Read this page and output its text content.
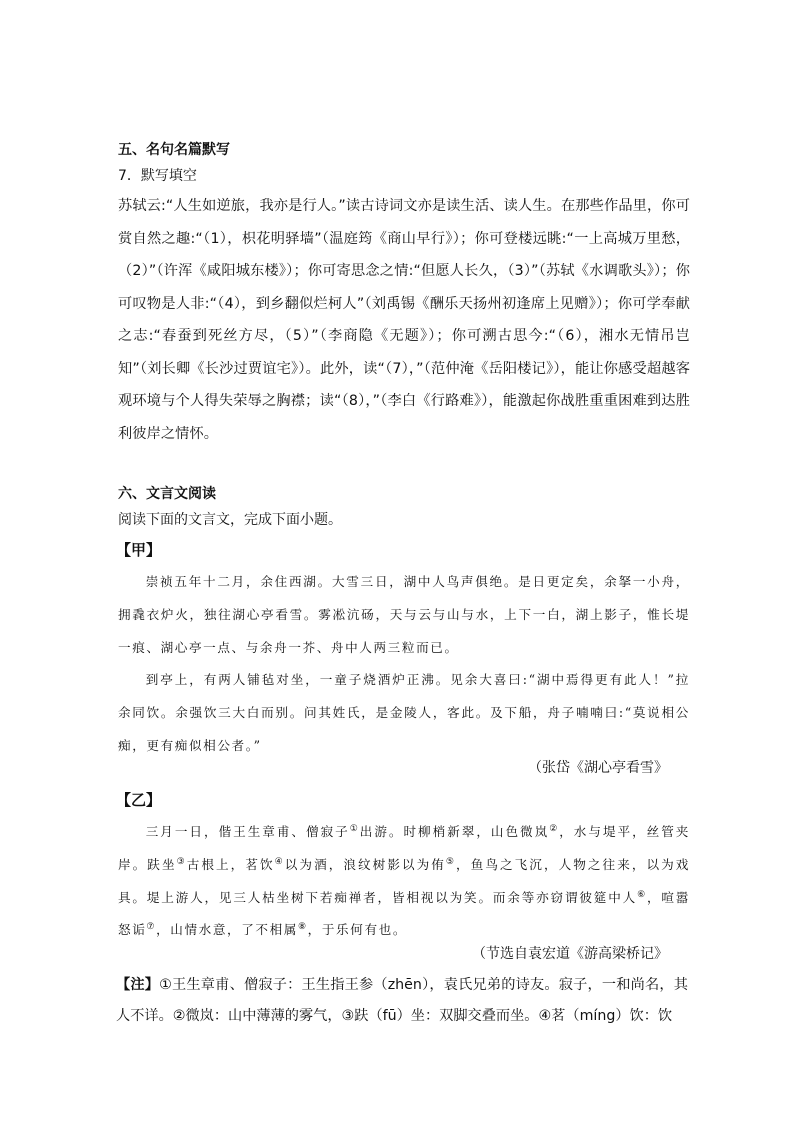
五、名句名篇默写
7．默写填空
苏轼云:“人生如逆旅，我亦是行人。”读古诗词文亦是读生活、读人生。在那些作品里，你可赏自然之趣:“（1），枳花明驿墙”（温庭筠《商山早行》）；你可登楼远眺:“一上高城万里愁，（2）”（许浑《咸阳城东楼》）；你可寄思念之情:“但愿人长久，（3）”（苏轼《水调歌头》）；你可叹物是人非:“（4），到乡翻似烂柯人”（刘禹锡《酬乐天扬州初逢席上见赠》）；你可学奉献之志:“春蚕到死丝方尽，（5）”（李商隐《无题》）；你可溯古思今:“（6），湘水无情吊岂知”（刘长卿《长沙过贾谊宅》）。此外，读“（7），”（范仲淹《岳阳楼记》），能让你感受超越客观环境与个人得失荣辱之胸襟；读“（8），”（李白《行路难》），能激起你战胜重重困难到达胜利彼岸之情怀。
六、文言文阅读
阅读下面的文言文，完成下面小题。
【甲】

崇祯五年十二月，余住西湖。大雪三日，湖中人鸟声俱绝。是日更定矣，余拏一小舟，拥毳衣炉火，独往湖心亭看雪。雾凇沆砀，天与云与山与水，上下一白，湖上影子，惟长堤一痕、湖心亭一点、与余舟一芥、舟中人两三粒而已。

到亭上，有两人铺毡对坐，一童子烧酒炉正沸。见余大喜曰:“湖中焉得更有此人！”拉余同饮。余强饮三大白而别。问其姓氏，是金陵人，客此。及下船，舟子喃喃曰:“莫说相公痴，更有痴似相公者。”

（张岱《湖心亭看雪》
【乙】

三月一日，偕王生章甫、僧寂子①出游。时柳梢新翠，山色微岚②，水与堤平，丝管夹岸。趺坐③古根上，茗饮④以为酒，浪纹树影以为侑⑤，鱼鸟之飞沉，人物之往来，以为戏具。堤上游人，见三人枯坐树下若痴禅者，皆相视以为笑。而余等亦窃谓彼筵中人⑥，喧嚣怒诟⑦，山情水意，了不相属⑧，于乐何有也。

（节选自袁宏道《游高梁桥记》
【注】①王生章甫、僧寂子：王生指王参（zhēn），袁氏兄弟的诗友。寂子，一和尚名，其人不详。②微岚：山中薄薄的雾气，③趺（fū）坐：双脚交叠而坐。④茗（míng）饮：饮
